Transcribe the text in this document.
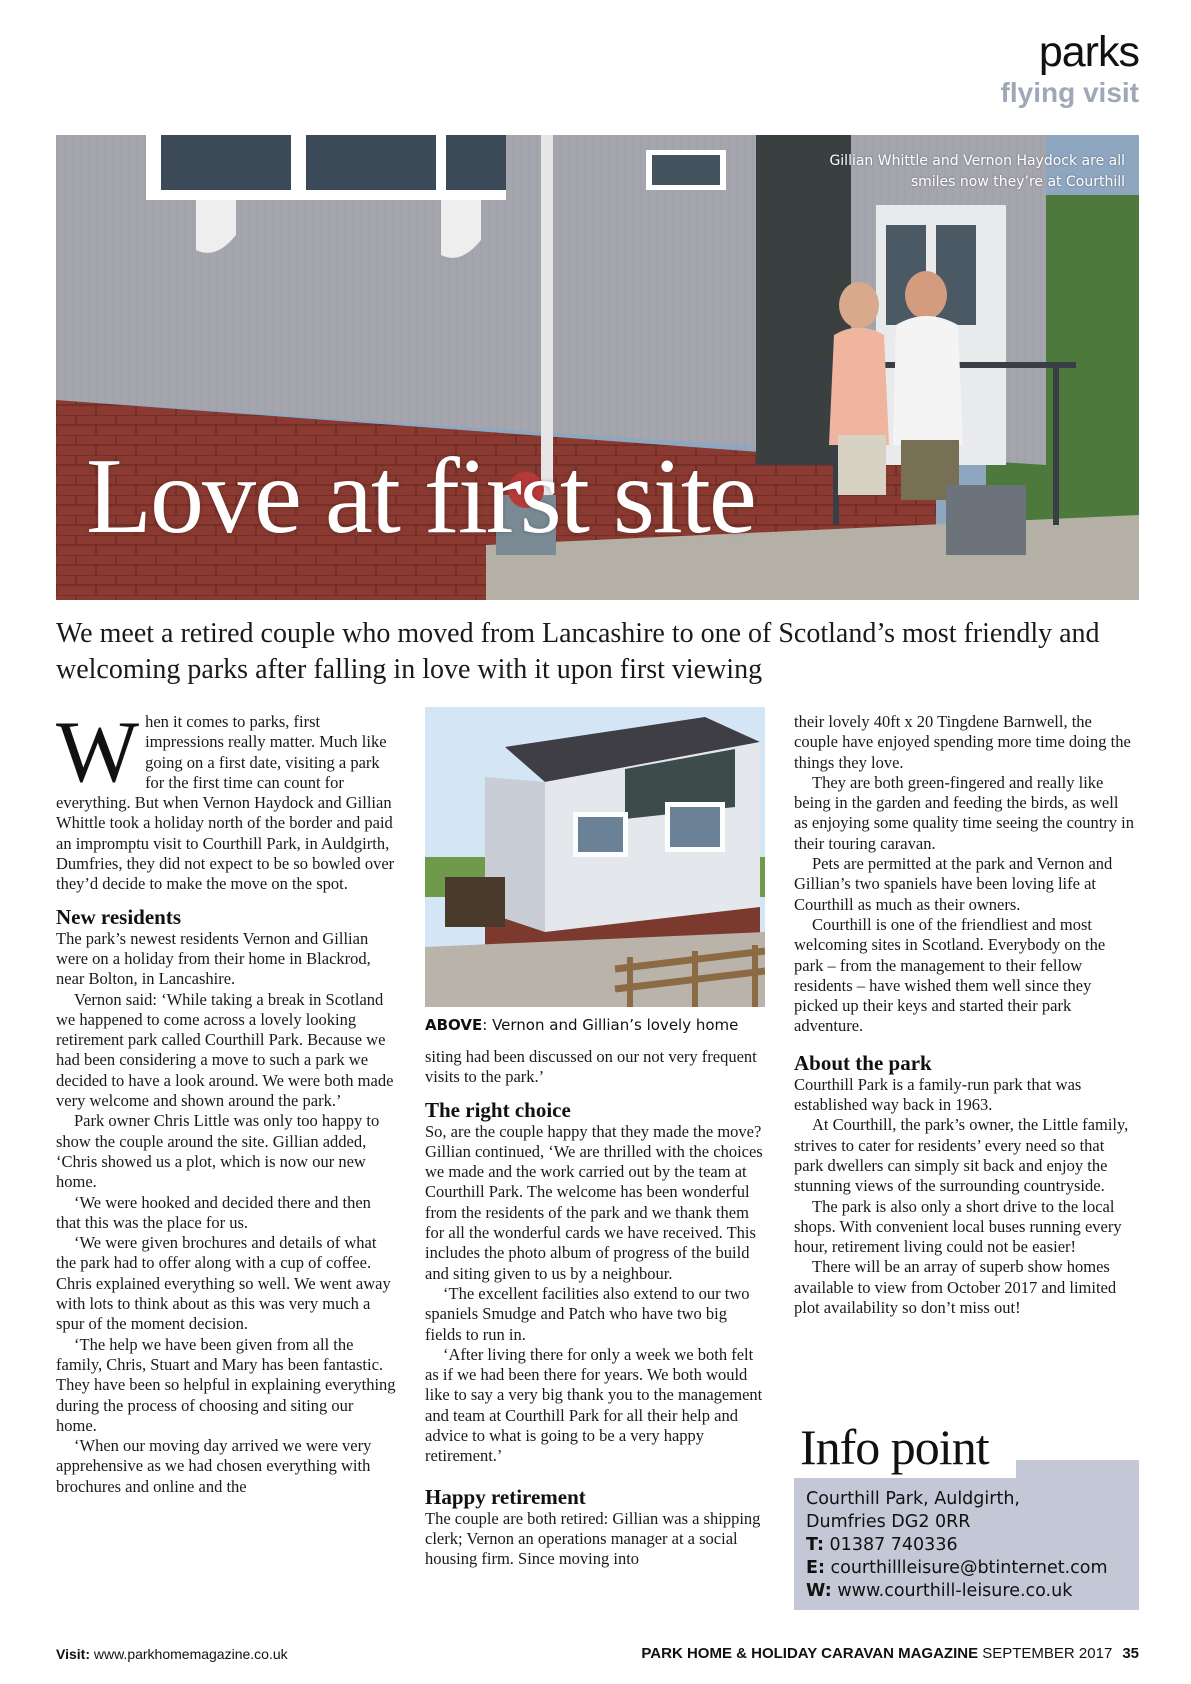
parks
flying visit
Gillian Whittle and Vernon Haydock are all smiles now they’re at Courthill
Love at first site
We meet a retired couple who moved from Lancashire to one of Scotland’s most friendly and welcoming parks after falling in love with it upon first viewing

When it comes to parks, first impressions really matter. Much like going on a first date, visiting a park for the first time can count for everything. But when Vernon Haydock and Gillian Whittle took a holiday north of the border and paid an impromptu visit to Courthill Park, in Auldgirth, Dumfries, they did not expect to be so bowled over they’d decide to make the move on the spot.

New residents

The park’s newest residents Vernon and Gillian were on a holiday from their home in Blackrod, near Bolton, in Lancashire.

Vernon said: ‘While taking a break in Scotland we happened to come across a lovely looking retirement park called Courthill Park. Because we had been considering a move to such a park we decided to have a look around. We were both made very welcome and shown around the park.’

Park owner Chris Little was only too happy to show the couple around the site. Gillian added, ‘Chris showed us a plot, which is now our new home.

‘We were hooked and decided there and then that this was the place for us.

‘We were given brochures and details of what the park had to offer along with a cup of coffee. Chris explained everything so well. We went away with lots to think about as this was very much a spur of the moment decision.

‘The help we have been given from all the family, Chris, Stuart and Mary has been fantastic. They have been so helpful in explaining everything during the process of choosing and siting our home.

‘When our moving day arrived we were very apprehensive as we had chosen everything with brochures and online and the

ABOVE: Vernon and Gillian’s lovely home

siting had been discussed on our not very frequent visits to the park.’

The right choice

So, are the couple happy that they made the move? Gillian continued, ‘We are thrilled with the choices we made and the work carried out by the team at Courthill Park. The welcome has been wonderful from the residents of the park and we thank them for all the wonderful cards we have received. This includes the photo album of progress of the build and siting given to us by a neighbour.

‘The excellent facilities also extend to our two spaniels Smudge and Patch who have two big fields to run in.

‘After living there for only a week we both felt as if we had been there for years. We both would like to say a very big thank you to the management and team at Courthill Park for all their help and advice to what is going to be a very happy retirement.’

Happy retirement

The couple are both retired: Gillian was a shipping clerk; Vernon an operations manager at a social housing firm. Since moving into

their lovely 40ft x 20 Tingdene Barnwell, the couple have enjoyed spending more time doing the things they love.

They are both green-fingered and really like being in the garden and feeding the birds, as well as enjoying some quality time seeing the country in their touring caravan.

Pets are permitted at the park and Vernon and Gillian’s two spaniels have been loving life at Courthill as much as their owners.

Courthill is one of the friendliest and most welcoming sites in Scotland. Everybody on the park – from the management to their fellow residents – have wished them well since they picked up their keys and started their park adventure.

About the park

Courthill Park is a family-run park that was established way back in 1963.

At Courthill, the park’s owner, the Little family, strives to cater for residents’ every need so that park dwellers can simply sit back and enjoy the stunning views of the surrounding countryside.

The park is also only a short drive to the local shops. With convenient local buses running every hour, retirement living could not be easier!

There will be an array of superb show homes available to view from October 2017 and limited plot availability so don’t miss out!

Info point
Courthill Park, Auldgirth,
Dumfries DG2 0RR
T: 01387 740336
E: courthillleisure@btinternet.com
W: www.courthill-leisure.co.uk
Visit: www.parkhomemagazine.co.uk	PARK HOME & HOLIDAY CARAVAN MAGAZINE SEPTEMBER 2017 35
